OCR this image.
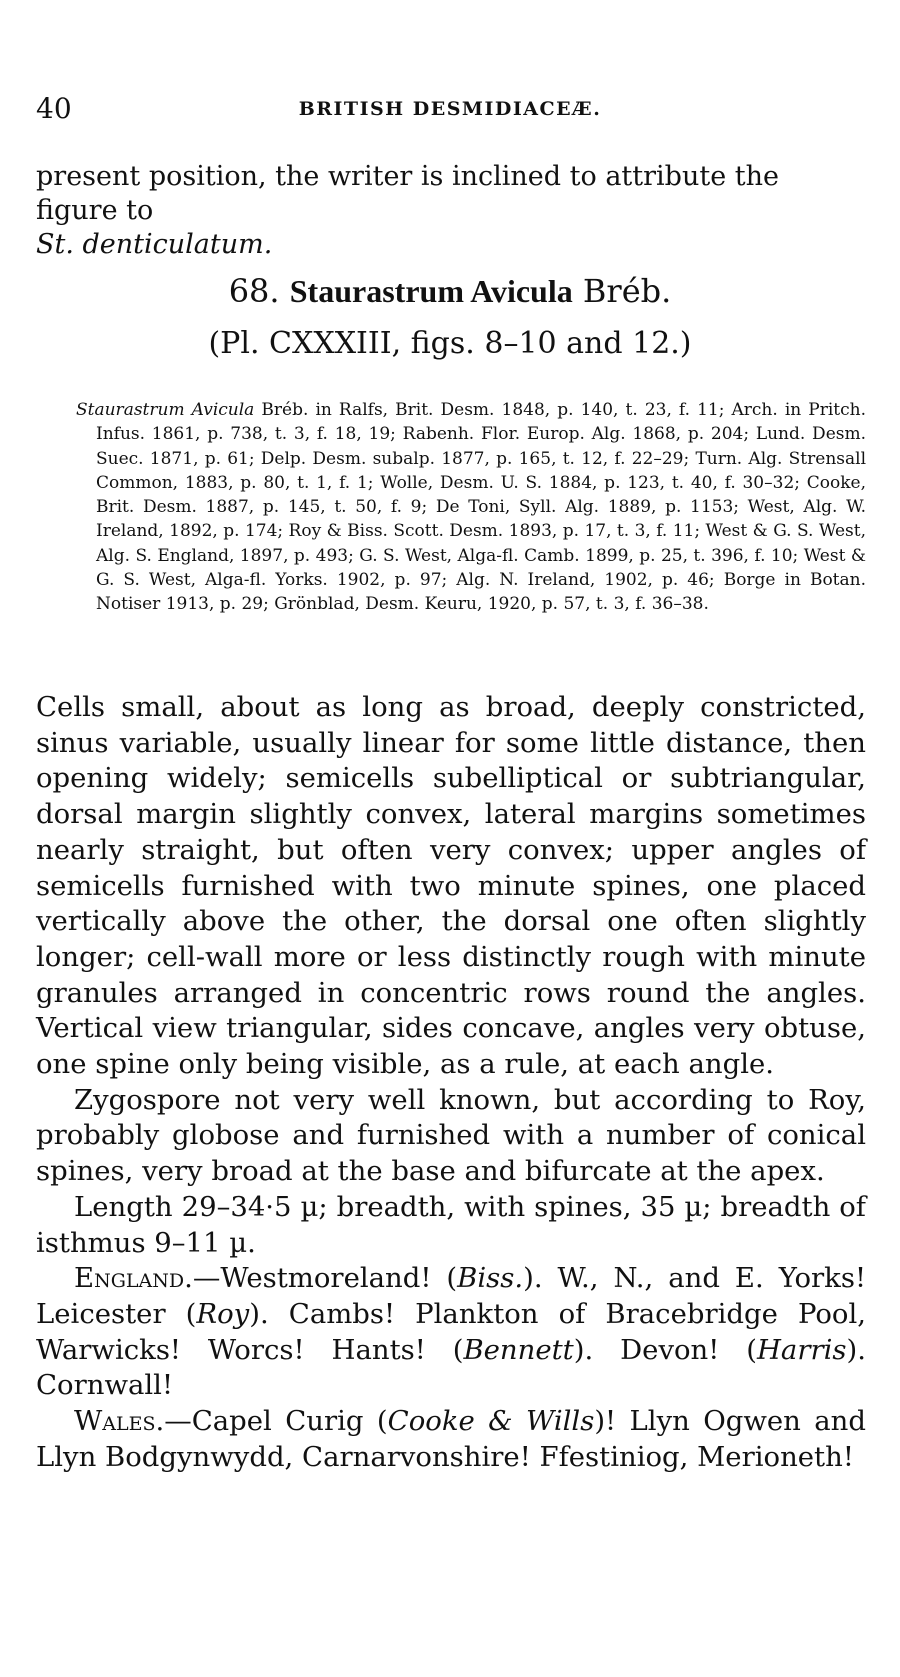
40	BRITISH DESMIDIACEÆ.
present position, the writer is inclined to attribute the figure to
St. denticulatum.
68. Staurastrum Avicula Bréb.
(Pl. CXXXIII, figs. 8–10 and 12.)

Staurastrum Avicula Bréb. in Ralfs, Brit. Desm. 1848, p. 140, t. 23, f. 11; Arch. in Pritch. Infus. 1861, p. 738, t. 3, f. 18, 19; Rabenh. Flor. Europ. Alg. 1868, p. 204; Lund. Desm. Suec. 1871, p. 61; Delp. Desm. subalp. 1877, p. 165, t. 12, f. 22–29; Turn. Alg. Strensall Common, 1883, p. 80, t. 1, f. 1; Wolle, Desm. U. S. 1884, p. 123, t. 40, f. 30–32; Cooke, Brit. Desm. 1887, p. 145, t. 50, f. 9; De Toni, Syll. Alg. 1889, p. 1153; West, Alg. W. Ireland, 1892, p. 174; Roy & Biss. Scott. Desm. 1893, p. 17, t. 3, f. 11; West & G. S. West, Alg. S. England, 1897, p. 493; G. S. West, Alga-fl. Camb. 1899, p. 25, t. 396, f. 10; West & G. S. West, Alga-fl. Yorks. 1902, p. 97; Alg. N. Ireland, 1902, p. 46; Borge in Botan. Notiser 1913, p. 29; Grönblad, Desm. Keuru, 1920, p. 57, t. 3, f. 36–38.

Cells small, about as long as broad, deeply constricted, sinus variable, usually linear for some little distance, then opening widely; semicells subelliptical or subtriangular, dorsal margin slightly convex, lateral margins sometimes nearly straight, but often very convex; upper angles of semicells furnished with two minute spines, one placed vertically above the other, the dorsal one often slightly longer; cell-wall more or less distinctly rough with minute granules arranged in concentric rows round the angles. Vertical view triangular, sides concave, angles very obtuse, one spine only being visible, as a rule, at each angle.

Zygospore not very well known, but according to Roy, probably globose and furnished with a number of conical spines, very broad at the base and bifurcate at the apex.

Length 29–34·5 µ; breadth, with spines, 35 µ; breadth of isthmus 9–11 µ.

England.—Westmoreland! (Biss.). W., N., and E. Yorks! Leicester (Roy). Cambs! Plankton of Bracebridge Pool, Warwicks! Worcs! Hants! (Bennett). Devon! (Harris). Cornwall!

Wales.—Capel Curig (Cooke & Wills)! Llyn Ogwen and Llyn Bodgynwydd, Carnarvonshire! Ffestiniog, Merioneth!
